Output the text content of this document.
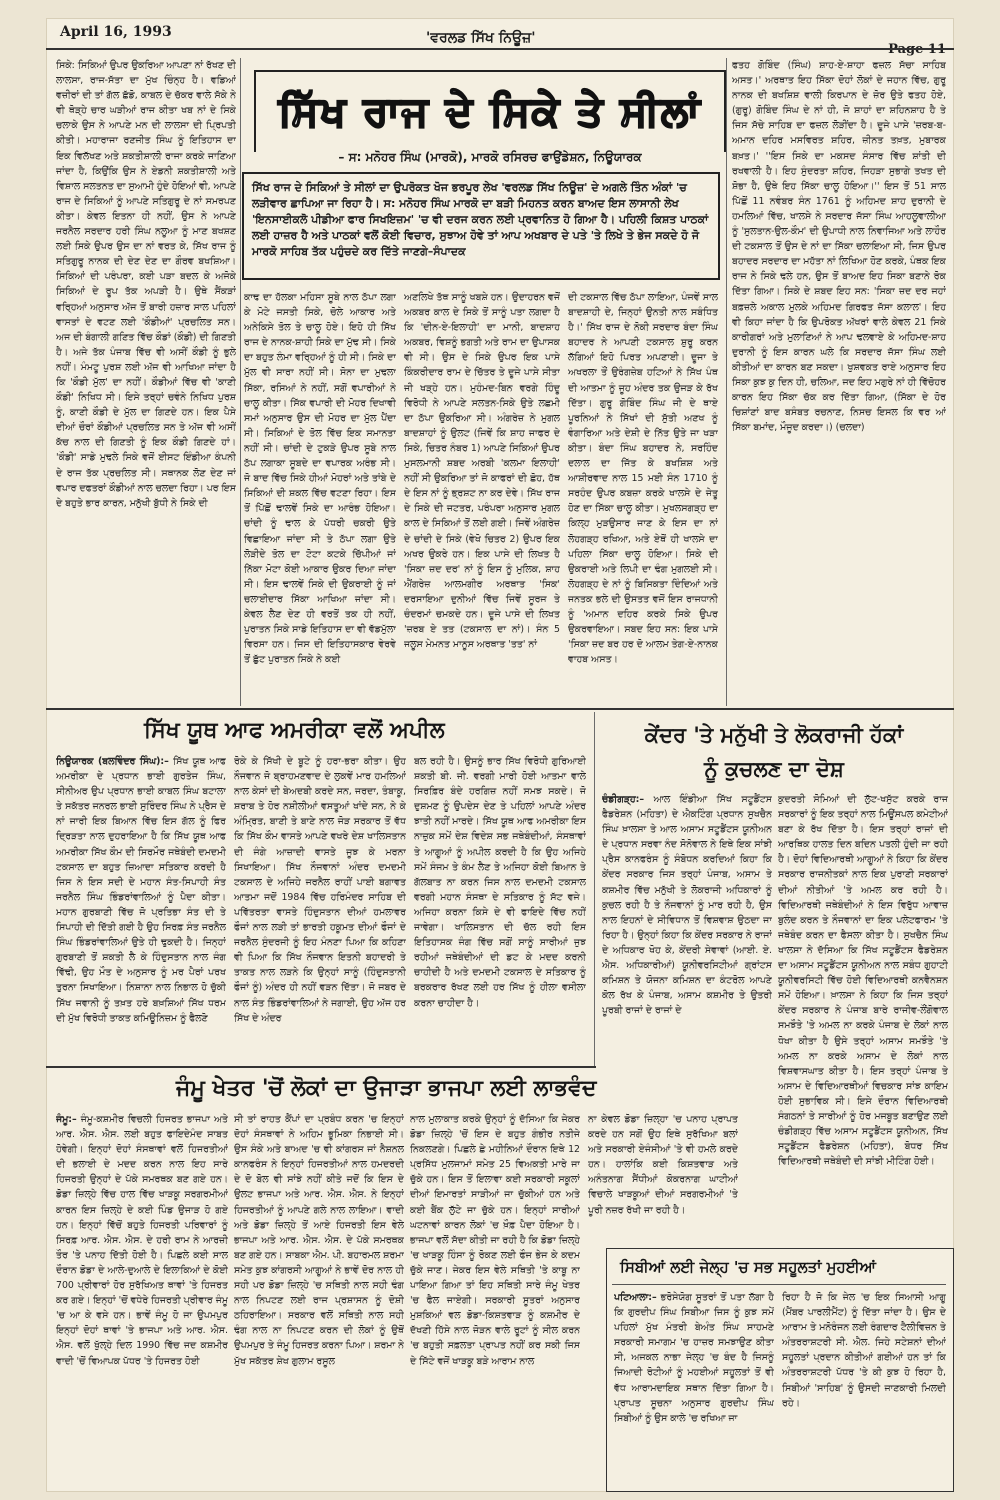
April 16, 1993	'ਵਰਲਡ ਸਿੱਖ ਨਿਊਜ਼'
ਸਿੱਖ ਰਾਜ ਦੇ ਸਿਕੇ ਤੇ ਸੀਲਾਂ
– ਸ: ਮਨੋਹਰ ਸਿੰਘ (ਮਾਰਕੋ), ਮਾਰਕੋ ਰਸਿਰਚ ਫਾਉਂਡੇਸ਼ਨ, ਨਿਊਯਾਰਕ
ਸਿੱਖ ਰਾਜ ਦੇ ਸਿਕਿਆਂ ਤੇ ਸੀਲਾਂ ਦਾ ਉਪਰੋਕਤ ਖੋਜ ਭਰਪੂਰ ਲੇਖ 'ਵਰਲਡ ਸਿੱਖ ਨਿਊਜ਼' ਦੇ ਅਗਲੇ ਤਿੰਨ ਅੰਕਾਂ 'ਚ ਲੜੀਵਾਰ ਛਾਪਿਆ ਜਾ ਰਿਹਾ ਹੈ। ਸ: ਮਨੋਹਰ ਸਿੰਘ ਮਾਰਕੋ ਦਾ ਬੜੀ ਮਿਹਨਤ ਕਰਨ ਬਾਅਦ ਇਸ ਲਾਸਾਨੀ ਲੇਖ 'ਇਨਸਾਈਕਲੋ ਪੀਡੀਆ ਫਾਰ ਸਿਖਇਜ਼ਮ' 'ਚ ਵੀ ਦਰਜ ਕਰਨ ਲਈ ਪ੍ਰਵਾਨਿਤ ਹੋ ਗਿਆ ਹੈ। ਪਹਿਲੀ ਕਿਸ਼ਤ ਪਾਠਕਾਂ ਲਈ ਹਾਜ਼ਰ ਹੈ ਅਤੇ ਪਾਠਕਾਂ ਵਲੋਂ ਕੋਈ ਵਿਚਾਰ, ਸੁਝਾਅ ਹੋਵੇ ਤਾਂ ਆਪ ਅਖਬਾਰ ਦੇ ਪਤੇ 'ਤੇ ਲਿਖੇ ਤੇ ਭੇਜ ਸਕਦੇ ਹੋ ਜੋ ਮਾਰਕੋ ਸਾਹਿਬ ਤੱਕ ਪਹੁੰਚਦੇ ਕਰ ਦਿੱਤੇ ਜਾਣਗੇ–ਸੰਪਾਦਕ
ਸਿਕੇ: ਸਿਕਿਆਂ ਉਪਰ ਉਕਰਿਆ ਆਪਣਾ ਨਾਂ ਰੱਖਣ ਦੀ ਲਾਲਸਾ, ਰਾਜ-ਸੱਤਾ ਦਾ ਮੁੱਖ ਚਿੰਨ੍ਹ ਹੈ। ਵਡਿਆਂ ਵਜ਼ੀਰਾਂ ਦੀ ਤਾਂ ਗੱਲ ਛੱਡੋ, ਕਾਬਲ ਦੇ ਚੱਕਰ ਵਾਲੇ ਸੱਕੇ ਨੇ ਵੀ ਥੋੜ੍ਹੇ ਚਾਰ ਘੜੀਆਂ ਰਾਜ ਕੀਤਾ ਖਬ ਨਾਂ ਦੇ ਸਿਕੇ ਚਲਾਕੇ ਉਸ ਨੇ ਆਪਣੇ ਮਨ ਦੀ ਲਾਲਸਾ ਦੀ ਪ੍ਰਿਪਤੀ ਕੀਤੀ। ਮਹਾਰਾਜਾ ਰਣਜੀਤ ਸਿੰਘ ਨੂੰ ਇਤਿਹਾਸ ਦਾ ਇਕ ਵਿਲੱਖਣ ਅਤੇ ਸ਼ਕਤੀਸ਼ਾਲੀ ਰਾਜਾ ਕਰਕੇ ਜਾਣਿਆ ਜਾਂਦਾ ਹੈ, ਕਿਉਂਕਿ ਉਸ ਨੇ ਏਡਨੀ ਸ਼ਕਤੀਸ਼ਾਲੀ ਅਤੇ ਵਿਸ਼ਾਲ ਸਲਤਨਤ ਦਾ ਸੁਆਮੀ ਹੁੰਦੇ ਹੋਇਆਂ ਵੀ, ਆਪਣੇ ਰਾਜ ਦੇ ਸਿਕਿਆਂ ਨੂੰ ਆਪਣੇ ਸਤਿਗੁਰੂ ਦੇ ਨਾਂ ਸਮਰਪਣ ਕੀਤਾ। ਕੇਵਲ ਇਤਨਾ ਹੀ ਨਹੀਂ, ਉਸ ਨੇ ਆਪਣੇ ਜਰਨੈਲ ਸਰਦਾਰ ਹਰੀ ਸਿੰਘ ਨਲੂਆ ਨੂੰ ਮਾਣ ਬਖਸ਼ਣ ਲਈ ਸਿਕੇ ਉਪਰ ਉਸ ਦਾ ਨਾਂ ਵਰਤ ਕੇ, ਸਿੱਖ ਰਾਜ ਨੂੰ ਸਤਿਗੁਰੂ ਨਾਨਕ ਦੀ ਦੇਣ ਦੇਣ ਦਾ ਗੌਰਵ ਬਖਸ਼ਿਆ। ਸਿਕਿਆਂ ਦੀ ਪਰੰਪਰਾ, ਕਈ ਪੜਾ ਬਦਲ ਕੇ ਅਜੋਕੇ ਸਿਕਿਆਂ ਦੇ ਰੂਪ ਤੱਕ ਅਪੜੀ ਹੈ। ਉਥੇ ਸੈਂਕੜਾਂ ਵਰ੍ਹਿਆਂ ਅਨੁਸਾਰ ਅੱਜ ਤੋਂ ਬਾਰੀ ਹਜ਼ਾਰ ਸਾਲ ਪਹਿਲਾਂ ਵਾਸਤਾਂ ਦੇ ਵਟਣ ਲਈ 'ਕੌਡੀਆਂ' ਪ੍ਰਚਲਿਤ ਸਨ। ਅਜ ਦੀ ਬੰਗਾਲੀ ਗਣਿਤ ਵਿੱਚ ਕੌਡਾਂ (ਕੌਡੀ) ਦੀ ਗਿਣਤੀ ਹੈ। ਅਜੇ ਤੱਕ ਪੰਜਾਬ ਵਿੱਚ ਵੀ ਅਸੀਂ ਕੌਡੀ ਨੂੰ ਭੁਲੇ ਨਹੀਂ। ਮੰਮਟੂ ਪੁਰਸ਼ ਲਈ ਅੱਜ ਵੀ ਆਖਿਆ ਜਾਂਦਾ ਹੈ ਕਿ 'ਕੌਡੀ ਮੁੱਲ' ਦਾ ਨਹੀਂ। ਕੌਡੀਆਂ ਵਿੱਚ ਵੀ 'ਕਾਣੀ ਕੌਡੀ' ਨਿਖਿਧ ਸੀ। ਇਸੇ ਤਰ੍ਹਾਂ ਚਵੰਨੇ ਨਿਖਿਧ ਪੁਰਸ਼ ਨੂੰ, ਕਾਣੀ ਕੌਡੀ ਦੇ ਮੁੱਲ ਦਾ ਗਿਣਦੇ ਹਨ। ਇਕ ਪੈਸੇ ਦੀਆਂ ਚੌਰਾਂ ਕੌਡੀਆਂ ਪ੍ਰਚਲਿਤ ਸਨ ਤੇ ਅੱਜ ਵੀ ਅਸੀਂ ਕੱਚ ਨਾਲ ਦੀ ਗਿਣਤੀ ਨੂੰ ਇਕ ਕੌਡੀ ਗਿਣਦੇ ਹਾਂ। 'ਕੌਡੀ' ਸਾਡੇ ਮੁਢਲੇ ਸਿਕੇ ਵਜੋਂ ਈਸਟ ਇੰਡੀਆ ਕੰਪਨੀ ਦੇ ਰਾਜ ਤੱਕ ਪ੍ਰਚਲਿਤ ਸੀ। ਸਥਾਨਕ ਲੋਣ ਦੇਣ ਜਾਂ ਵਪਾਰ ਦਫਤਰਾਂ ਕੌਡੀਆਂ ਨਾਲ ਚਲਦਾ ਰਿਹਾ। ਪਰ ਇਸ ਦੇ ਬਹੁਤੇ ਭਾਰ ਕਾਰਨ, ਮਨੁੱਖੀ ਬੁੱਧੀ ਨੇ ਸਿਕੇ ਦੀ
ਕਾਢ ਦਾ ਹੱਲਕਾ ਮਹਿਸਾ ਸੂਬੇ ਨਾਲ ਠੱਪਾ ਲਗਾ ਕੇ ਮੋਟੇ ਜਸਤੀ ਸਿਕੇ, ਚੋਲੇ ਆਕਾਰ ਅਤੇ ਅਨੇਕਿਸੇ ਤੋਲ ਤੇ ਚਾਲੂ ਹੋਏ। ਇਹੋ ਹੀ ਸਿੱਖ ਰਾਜ ਦੇ ਨਾਨਕ-ਸ਼ਾਹੀ ਸਿਕੇ ਦਾ ਮੁੱਢ ਸੀ। ਸਿਕੇ ਦਾ ਬਹੁਤ ਲੰਮਾ ਵਰ੍ਹਿਆਂ ਨੂੰ ਹੀ ਸੀ। ਸਿਕੇ ਦਾ ਮੁੱਲ ਵੀ ਸਾਰਾ ਨਹੀਂ ਸੀ। ਸੋਨਾ ਦਾ ਮੁਢਲਾ ਸਿੱਕਾ, ਰਸਿਆਂ ਨੇ ਨਹੀਂ, ਸਗੋਂ ਵਪਾਰੀਆਂ ਨੇ ਚਾਲੂ ਕੀਤਾ। ਸਿੱਕ ਵਪਾਰੀ ਦੀ ਮੋਹਰ ਦਿਖਾਵੀ ਸਮਾਂ ਅਨੁਸਾਰ ਉਸ ਦੀ ਮੋਹਰ ਦਾ ਮੁੱਲ ਪੈਂਦਾ ਸੀ। ਸਿਕਿਆਂ ਦੇ ਤੋਲ ਵਿੱਚ ਇਕ ਸਮਾਨਤਾ ਨਹੀਂ ਸੀ। ਚਾਂਦੀ ਦੇ ਟੁਕੜੇ ਉਪਰ ਸੂਬੇ ਨਾਲ ਠੱਪ ਲਗਾਕਾ ਸੂਬਦੇ ਦਾ ਵਪਾਰਕ ਅਰੰਭ ਸੀ। ਜੋ ਬਾਦ ਵਿੱਚ ਸਿਕੇ ਹੀਆਂ ਮੋਹਰਾਂ ਅਤੇ ਤਾਂਬੇ ਦੇ ਸਿਕਿਆਂ ਦੀ ਸ਼ਕਲ ਵਿੱਚ ਵਟਣਾ ਰਿਹਾ। ਇਸ ਤੋਂ ਪਿੱਛੋਂ ਢਾਲਵੇਂ ਸਿਕੇ ਦਾ ਆਰੰਭ ਹੋਇਆ। ਚਾਂਦੀ ਨੂੰ ਢਾਲ ਕੇ ਪੱਧਰੀ ਚਕਰੀ ਉਤੇ ਵਿਛਾਇਆ ਜਾਂਦਾ ਸੀ ਤੇ ਠੱਪਾ ਲਗਾ ਉਤੇ ਲੋੜੀਦੇ ਤੋਲ ਦਾ ਟੋਟਾ ਕਟਕੇ ਚਿੱਪੀਆਂ ਜਾਂ ਨਿੱਕਾ ਮੋਟਾ ਕੋਈ ਆਕਾਰ ਉਕਰ ਦਿਆ ਜਾਂਦਾ ਸੀ। ਇਸ ਢਾਲਵੇਂ ਸਿਕੇ ਦੀ ਉਕਰਾਈ ਨੂੰ ਜਾਂ ਚਲਾਈਦਾਰ ਸਿੱਕਾ ਆਖਿਆ ਜਾਂਦਾ ਸੀ। ਕੇਵਲ ਲੈਣ ਦੇਣ ਹੀ ਵਰਤੋਂ ਤਕ ਹੀ ਨਹੀਂ, ਪੁਰਾਤਨ ਸਿਕੇ ਸਾਡੇ ਇਤਿਹਾਸ ਦਾ ਵੀ ਵੱਡਮੁੱਲਾ ਵਿਰਸਾ ਹਨ। ਜਿਸ ਦੀ ਇਤਿਹਾਸਕਾਰ ਵੇਰਵੇ ਤੋਂ ਛੁੱਟ ਪੁਰਾਤਨ ਸਿਕੇ ਨੇ ਕਈ
ਅਣਲਿਖੇ ਤੱਥ ਸਾਨੂੰ ਖਬਸ਼ੇ ਹਨ। ਉਦਾਹਰਨ ਵਜੋਂ ਅਕਬਰ ਕਾਲ ਦੇ ਸਿਕੇ ਤੋਂ ਸਾਨੂੰ ਪਤਾ ਲਗਦਾ ਹੈ ਕਿ 'ਦੀਨ-ਏ-ਇਲਾਹੀ' ਦਾ ਮਾਨੀ, ਬਾਦਸ਼ਾਹ ਅਕਬਰ, ਵਿਸ਼ਨੂੰ ਭਗਤੀ ਅਤੇ ਰਾਮ ਦਾ ਉਪਾਸਕ ਵੀ ਸੀ। ਉਸ ਦੇ ਸਿਕੇ ਉਪਰ ਇਕ ਪਾਸੇ ਕਿੰਕਰੀਦਾਰ ਰਾਮ ਦੇ ਚਿੱਤਰ ਤੇ ਦੂਜੇ ਪਾਸੇ ਸੀਤਾ ਜੀ ਖੜ੍ਹੇ ਹਨ। ਮੁਹੰਮਦ-ਬਿਨ ਵਰਗੇ ਹਿੰਦੂ ਵਿਰੋਧੀ ਨੇ ਆਪਣੇ ਸਲਤਨ-ਸਿਕੇ ਉਤੇ ਲਛਮੀ ਦਾ ਠੱਪਾ ਉਕਰਿਆ ਸੀ। ਅੰਗਰੇਜ਼ ਨੇ ਮੁਗਲ ਬਾਦਸ਼ਾਹਾਂ ਨੂੰ ਉਲਟ (ਜਿਵੇਂ ਕਿ ਸ਼ਾਹ ਜਾਫਰ ਦੇ ਸਿਕੇ, ਚਿਤਰ ਨੰਬਰ 1) ਆਪਣੇ ਸਿਕਿਆਂ ਉਪਰ ਮੁਸਲਮਾਨੀ ਸ਼ਬਦ ਅਰਬੀ 'ਕਲਮਾ ਇਲਾਹੀ' ਨਹੀਂ ਸੀ ਉਕਰਿਆ ਤਾਂ ਜੋ ਕਾਫਰਾਂ ਦੀ ਛੋਹ, ਹੱਥ ਦੇ ਇਸ ਨਾਂ ਨੂੰ ਭ੍ਰਸ਼ਟ ਨਾ ਕਰ ਦੇਵੇ। ਸਿੱਖ ਰਾਜ ਦੇ ਸਿਕੇ ਦੀ ਜਟਤਰ, ਪਰੰਪਰਾ ਅਨੁਸਾਰ ਮੁਗਲ ਕਾਲ ਦੇ ਸਿਕਿਆਂ ਤੋਂ ਲਈ ਗਈ। ਜਿਵੇਂ ਅੰਗਰੇਜ਼ ਦੇ ਚਾਂਦੀ ਦੇ ਸਿਕੇ (ਵੇਖੋ ਚਿਤਰ 2) ਉਪਰ ਇਕ ਅਖਰ ਉਕਰੇ ਹਨ। ਇਕ ਪਾਸੇ ਦੀ ਲਿਖਤ ਹੈ 'ਸਿਕਾ ਜ਼ਦ ਦਰ' ਨਾਂ ਨੂੰ ਇਸ ਨੂੰ ਮੁਲਿਕ, ਸ਼ਾਹ ਐਂਗਰੇਜ਼ ਆਲਮਗੀਰ ਅਰਥਾਤ 'ਸਿਕ' ਦਰਸਾਇਆ ਦੁਨੀਆਂ ਵਿੱਚ ਜਿਵੇਂ ਸੂਰਜ ਤੇ ਚੰਦਰਮਾਂ ਚਮਕਦੇ ਹਨ। ਦੂਜੇ ਪਾਸੇ ਦੀ ਲਿਖਤ 'ਜ਼ਰਬ ਏ ਤਤ (ਟਕਸਾਲ ਦਾ ਨਾਂ)। ਸੰਨ 5 ਜਲੂਸ ਮੇਮਨਤ ਮਾਨੂਸ ਅਰਥਾਤ 'ਤਤ' ਨਾਂ
ਦੀ ਟਕਸਾਲ ਵਿੱਚ ਠੱਪਾ ਲਾਇਆ, ਪੰਜਵੇਂ ਸਾਲ ਬਾਦਸ਼ਾਹੀ ਦੇ, ਜਿਨ੍ਹਾਂ ਉਨਤੀ ਨਾਲ ਸਬੰਧਿਤ ਹੈ।' ਸਿੱਖ ਰਾਜ ਦੇ ਨੋਕੀ ਸਰਦਾਰ ਬੰਦਾ ਸਿੰਘ ਬਹਾਦਰ ਨੇ ਆਪਣੀ ਟਕਸਾਲ ਸ਼ੁਰੂ ਕਰਨ ਲੱਗਿਆਂ ਇਹੋ ਪਿਰਤ ਅਪਣਾਈ। ਦੂਜਾ ਤੇ ਅਖਰਲਾ ਤੌਂ ਉਰੰਗਜ਼ੇਬ ਹਟਿਆਂ ਨੇ ਸਿੱਖ ਪੰਥ ਦੀ ਆਤਮਾ ਨੂੰ ਜੂਹ ਅੰਦਰ ਤਕ ਉਜੜ ਕੇ ਰੱਖ ਦਿੱਤਾ। ਗੁਰੂ ਗੋਬਿੰਦ ਸਿੰਘ ਜੀ ਦੇ ਥਾਏ ਪੂਰਨਿਆਂ ਨੇ ਸਿੱਖਾਂ ਦੀ ਸੁੱਤੀ ਅਣਖ ਨੂੰ ਵੰਗਾਰਿਆ ਅਤੇ ਦੇਸ਼ੀ ਦੇ ਨਿੱਤ ਉਤੇ ਜਾ ਖੜਾ ਕੀਤਾ। ਬੰਦਾ ਸਿੰਘ ਬਹਾਦਰ ਨੇ, ਸਰਹਿੰਦ ਦਲਾਲ ਦਾ ਜਿੱਤ ਕੇ ਬਖਸ਼ਿਸ਼ ਅਤੇ ਆਸ਼ੀਰਵਾਦ ਨਾਲ 15 ਮਈ ਸੰਨ 1710 ਨੂੰ ਸਰਹੰਦ ਉਪਰ ਕਬਜ਼ਾ ਕਰਕੇ ਖਾਲਸੇ ਦੇ ਜੇਤੂ ਹੋਣ ਦਾ ਸਿੱਕਾ ਚਾਲੂ ਕੀਤਾ। ਮੁਖਲਸਗੜ੍ਹ ਦਾ ਕਿਲ੍ਹ ਮੁੜਉਸਾਰ ਜਾਣ ਕੇ ਇਸ ਦਾ ਨਾਂ ਲੋਹਗੜ੍ਹ ਰਖਿਆ, ਅਤੇ ਏਥੋਂ ਹੀ ਖਾਲਸੇ ਦਾ ਪਹਿਲਾ ਸਿੱਕਾ ਚਾਲੂ ਹੋਇਆ। ਸਿਕੇ ਦੀ ਉਕਰਾਈ ਅਤੇ ਲਿਪੀ ਦਾ ਢੰਗ ਮੁਗਲਈ ਸੀ। ਲੋਹਗੜ੍ਹ ਦੇ ਨਾਂ ਨੂੰ ਬਿਸਿਕਤਾ ਦਿੰਦਿਆਂ ਅਤੇ ਜਨਤਕ ਭਲੇ ਦੀ ਉਸਤਤ ਵਜੋਂ ਇਸ ਰਾਜਧਾਨੀ ਨੂੰ 'ਅਮਾਨ ਦਹਿਰ ਕਰਕੇ ਸਿਕੇ ਉਪਰ ਉਕਰਵਾਇਆ। ਸਬਦ ਇਹ ਸਨ: ਇਕ ਪਾਸੇ 'ਸਿਕਾ ਜ਼ਦ ਬਰ ਹਰ ਦੋ ਆਲਮ ਤੇਗ-ਏ-ਨਾਨਕ ਵਾਹਬ ਅਸਤ।
ਫਤਹ ਗੋਬਿੰਦ (ਸਿੰਘ) ਸ਼ਾਹ-ਏ-ਸ਼ਾਹਾ ਫਜ਼ਲ ਸੱਚਾ ਸਾਹਿਬ ਅਸਤ।' ਅਰਥਾਤ ਇਹ ਸਿੱਕਾ ਦੋਹਾਂ ਲੋਕਾਂ ਦੇ ਜਹਾਨ ਵਿੱਚ, ਗੁਰੂ ਨਾਨਕ ਦੀ ਬਖਸ਼ਿਸ਼ ਵਾਲੀ ਕਿਰਪਾਨ ਦੇ ਜ਼ੋਰ ਉਤੇ ਫਤਹ ਹੋਏ, (ਗੁਰੂ) ਗੋਬਿੰਦ ਸਿੰਘ ਦੇ ਨਾਂ ਹੀ, ਜੋ ਸ਼ਾਹਾਂ ਦਾ ਸ਼ਹਿਨਸ਼ਾਹ ਹੈ ਤੇ ਜਿਸ ਸੱਚੇ ਸਾਹਿਬ ਦਾ ਫਜ਼ਲ ਲੋੜੀਂਦਾ ਹੈ। ਦੂਜੇ ਪਾਸੇ 'ਜ਼ਰਬ-ਬ-ਅਮਾਨ ਦਹਿਰ ਮਸਵਿਰਤ ਸ਼ਹਿਰ, ਜ਼ੀਨਤ ਤਖ਼ਤ, ਮੁਬਾਰਕ ਬਖ਼ਤ।' ''ਇਸ ਸਿਕੇ ਦਾ ਮਕਸਦ ਸੰਸਾਰ ਵਿੱਚ ਸ਼ਾਂਤੀ ਦੀ ਰਖਵਾਲੀ ਹੈ। ਇਹ ਸੁੰਦਰਤਾ ਸ਼ਹਿਰ, ਜਿਹੜਾ ਸੁਭਾਗੇ ਤਖਤ ਦੀ ਸ਼ੋਭਾ ਹੈ, ਉਥੇ ਇਹ ਸਿੱਕਾ ਚਾਲੂ ਹੋਇਆ।'' ਇਸ ਤੋਂ 51 ਸਾਲ ਪਿੱਛੋਂ 11 ਨਵੰਬਰ ਸੰਨ 1761 ਨੂੰ ਅਹਿਮਦ ਸ਼ਾਹ ਦੁਰਾਨੀ ਦੇ ਹਮਲਿਆਂ ਵਿੱਚ, ਖਾਲਸੇ ਨੇ ਸਰਦਾਰ ਜੱਸਾ ਸਿੰਘ ਆਹਲੂਵਾਲੀਆ ਨੂੰ 'ਸੁਲਤਾਨ-ਉਲ-ਕੌਮ' ਦੀ ਉਪਾਧੀ ਨਾਲ ਨਿਵਾਜਿਆ ਅਤੇ ਲਾਹੌਰ ਦੀ ਟਕਸਾਲ ਤੋਂ ਉਸ ਦੇ ਨਾਂ ਦਾ ਸਿੱਕਾ ਚਲਾਇਆ ਸੀ, ਜਿਸ ਉਪਰ ਬਹਾਦਰ ਸਰਦਾਰ ਦਾ ਮਹੱਤਾ ਨਾਂ ਲਿਖਿਆ ਹੋਣ ਕਰਕੇ, ਪੰਥਕ ਇਕ ਰਾਜ ਨੇ ਸਿਕੇ ਢਲੇ ਹਨ, ਉਸ ਤੋਂ ਬਾਅਦ ਇਹ ਸਿਕਾ ਬਣਾਨੇ ਰੋਕ ਦਿੱਤਾ ਗਿਆ। ਸਿਕੇ ਦੇ ਸ਼ਬਦ ਇਹ ਸਨ: 'ਸਿਕਾ ਜ਼ਦ ਦਰ ਜਹਾਂ ਬਫ਼ਜ਼ਲੇ ਅਕਾਲ ਮੁਲਕੇ ਅਹਿਮਦ ਗਿਰਫਤ ਜੱਸਾ ਕਲਾਲ'। ਇਹ ਵੀ ਕਿਹਾ ਜਾਂਦਾ ਹੈ ਕਿ ਉਪਰੋਕਤ ਅੱਖਰਾਂ ਵਾਲੇ ਕੇਵਲ 21 ਸਿਕੇ ਕਾਰੀਗਰਾਂ ਅਤੇ ਮੁਲਾਣਿਆਂ ਨੇ ਆਪ ਢਲਵਾਏ ਕੇ ਅਹਿਮਦ-ਸ਼ਾਹ ਦੁਰਾਨੀ ਨੂੰ ਇਸ ਕਾਰਨ ਘਲੇ ਕਿ ਸਰਦਾਰ ਜੱਸਾ ਸਿੰਘ ਲਈ ਕੀਤੀਆਂ ਦਾ ਕਾਰਨ ਬਣ ਸਕਦਾ। ਖੁਸ਼ਵਕਤ ਰਾਏ ਅਨੁਸਾਰ ਇਹ ਸਿਕਾ ਕੁਝ ਕੁ ਦਿਨ ਹੀ, ਚਲਿਆ, ਜਦ ਇਹ ਮਗੁਰੇ ਨਾਂ ਹੀ ਵਿੱਚੋਹਰ ਕਾਰਨ ਇਹ ਸਿੱਕਾ ਚੱਕ ਕਰ ਦਿੱਤਾ ਗਿਆ, (ਸਿੱਕਾ ਦੇ ਹੋਰ ਚਿਸ਼ਾਂਣਾਂ ਬਾਦ ਬਸੰਬਤ ਰਚਨਾਣ, ਨਿਸਚ ਇਸਲ ਕਿ ਵਰ ਆਂ ਸਿੱਕਾ ਬਮਾਂਦ, ਮੌਜੂਦ ਕਰਦਾ।) (ਚਲਦਾ)
ਸਿੱਖ ਯੂਥ ਆਫ ਅਮਰੀਕਾ ਵਲੋਂ ਅਪੀਲ
ਨਿਊਯਾਰਕ (ਬਲਵਿੰਦਰ ਸਿੰਘ):– ਸਿੱਖ ਯੂਥ ਆਫ ਅਮਰੀਕਾ ਦੇ ਪ੍ਰਧਾਨ ਭਾਈ ਗੁਰਤੇਜ ਸਿੰਘ, ਸੀਨੀਅਰ ਉਪ ਪ੍ਰਧਾਨ ਭਾਈ ਕਾਬਲ ਸਿੰਘ ਬਟਾਲਾ ਤੇ ਸਕੱਤਰ ਜਨਰਲ ਭਾਈ ਸੁਰਿੰਦਰ ਸਿੰਘ ਨੇ ਪ੍ਰੈਸ ਦੇ ਨਾਂ ਜਾਰੀ ਇਕ ਬਿਆਨ ਵਿੱਚ ਇਸ ਗੱਲ ਨੂੰ ਫਿਰ ਦ੍ਰਿੜਤਾ ਨਾਲ ਦੁਹਰਾਇਆ ਹੈ ਕਿ ਸਿੱਖ ਯੂਥ ਆਫ ਅਮਰੀਕਾ ਸਿੱਖ ਕੌਮ ਦੀ ਸਿਰਮੌਰ ਜਥੇਬੰਦੀ ਦਮਦਮੀ ਟਕਸਾਲ ਦਾ ਬਹੁਤ ਜ਼ਿਆਦਾ ਸਤਿਕਾਰ ਕਰਦੀ ਹੈ ਜਿਸ ਨੇ ਇਸ ਸਦੀ ਦੇ ਮਹਾਨ ਸੰਤ-ਸਿਪਾਹੀ ਸੰਤ ਜਰਨੈਲ ਸਿੰਘ ਭਿੰਡਰਾਂਵਾਲਿਆਂ ਨੂੰ ਪੈਦਾ ਕੀਤਾ। ਮਹਾਨ ਗੁਰਬਾਣੀ ਵਿੱਚ ਜੋ ਪ੍ਰਤਿਭਾ ਸੰਤ ਦੀ ਤੇ ਸਿਪਾਹੀ ਦੀ ਦਿੱਤੀ ਗਈ ਹੈ ਉਹ ਸਿਰਫ਼ ਸੰਤ ਜਰਨੈਲ ਸਿੰਘ ਭਿੰਡਰਾਂਵਾਲਿਆਂ ਉਤੇ ਹੀ ਢੁਕਦੀ ਹੈ। ਜਿਨ੍ਹਾਂ ਗੁਰਬਾਣੀ ਤੋਂ ਸ਼ਕਤੀ ਲੈ ਕੇ ਹਿੰਦੁਸਤਾਨ ਨਾਲ ਜੰਗ ਵਿੱਢੀ, ਉਹ ਮੌਤ ਦੇ ਅਨੁਸਾਰ ਨੂੰ ਮਰ ਪੈਰਾਂ ਪਰਖ ਤੁਰਨਾ ਸਿਖਾਇਆ। ਨਿਸ਼ਾਨਾ ਨਾਲ ਨਿਭਾਲ ਹੋ ਚੁੱਕੀ ਸਿੱਖ ਜਵਾਨੀ ਨੂੰ ਤਖ਼ਤ ਹਰੇ ਬਖ਼ਸ਼ਿਆਂ ਸਿੱਖ ਧਰਮ ਦੀ ਮੁੱਖ ਵਿਰੋਧੀ ਤਾਕਤ ਕਮਿਊਨਿਜ਼ਮ ਨੂੰ ਫੈਲਣੋ
ਰੋਕੇ ਕੇ ਸਿੱਖੀ ਦੇ ਬੂਟੇ ਨੂੰ ਹਰਾ-ਭਰਾ ਕੀਤਾ। ਉਹ ਨੌਜਵਾਨ ਜੋ ਬ੍ਰਾਹਮਣਵਾਦ ਦੇ ਲੁਕਵੇਂ ਮਾਰ ਹਮਲਿਆਂ ਨਾਲ ਕੇਸਾਂ ਦੀ ਬੇਅਦਬੀ ਕਰਦੇ ਸਨ, ਜਰਦਾ, ਤੰਬਾਕੂ, ਸ਼ਰਾਬ ਤੇ ਹੋਰ ਨਸ਼ੀਲੀਆਂ ਵਸਤੂਆਂ ਖਾਂਦੇ ਸਨ, ਨੇ ਕੇ ਅੰਮ੍ਰਿਤ, ਬਾਣੀ ਤੇ ਬਾਣੇ ਨਾਲ ਜੋੜ ਸਰਕਾਰ ਤੋਂ ਵੱਧ ਕਿ ਸਿੱਖ ਕੌਮ ਵਾਸਤੇ ਆਪਣੇ ਵਖਰੇ ਦੇਸ਼ ਖਾਲਿਸਤਾਨ ਦੀ ਜੰਗੇ ਆਜ਼ਾਦੀ ਵਾਸਤੇ ਜੂਝ ਕੇ ਮਰਨਾ ਸਿਖਾਇਆ। ਸਿੱਖ ਨੌਜਵਾਨਾਂ ਅੰਦਰ ਦਮਦਮੀ ਟਕਸਾਲ ਦੇ ਅਜਿਹੇ ਜਰਨੈਲ ਰਾਹੀਂ ਪਾਈ ਬਗਾਵਤ ਆਤਮਾ ਜਦੋਂ 1984 ਵਿੱਚ ਹਰਿਮੰਦਰ ਸਾਹਿਬ ਦੀ ਪਵਿੱਤਰਤਾ ਵਾਸਤੇ ਹਿੰਦੁਸਤਾਨ ਦੀਆਂ ਹਮਲਾਵਰ ਫੌਜਾਂ ਨਾਲ ਲੜੀ ਤਾਂ ਭਾਰਤੀ ਹਕੂਮਤ ਦੀਆਂ ਫੌਜਾਂ ਦੇ ਜਰਨੈਲ ਸੁੰਦਰਜੀ ਨੂੰ ਇਹ ਮੰਨਣਾ ਪਿਆ ਕਿ ਕਹਿਣਾ ਵੀ ਪਿਆ ਕਿ ਸਿੱਖ ਨੌਜਵਾਨ ਇਤਨੀ ਬਹਾਦਰੀ ਤੇ ਤਾਕਤ ਨਾਲ ਲੜਨੇ ਕਿ ਉਨ੍ਹਾਂ ਸਾਨੂੰ (ਹਿੰਦੁਸਤਾਨੀ ਫੌਜਾਂ ਨੂੰ) ਅੰਦਰ ਹੀ ਨਹੀਂ ਵੜਨ ਦਿੱਤਾ। ਜੋ ਜਬਰ ਦੇ ਨਾਲ ਸੰਤ ਭਿੰਡਰਾਂਵਾਲਿਆਂ ਨੇ ਜਗਾਈ, ਉਹ ਅੱਜ ਹਰ ਸਿੱਖ ਦੇ ਅੰਦਰ
ਬਲ ਰਹੀ ਹੈ। ਉਸਨੂੰ ਭਾਰ ਸਿੱਖ ਵਿਰੋਧੀ ਗੁਰਿਆਈ ਸ਼ਕਤੀ ਬੀ. ਜੀ. ਵਰਗੀ ਮਾਰੀ ਹੋਈ ਆਤਮਾ ਵਾਲੇ ਸਿਰਫ਼ਿਰ ਬੰਦੇ ਹਰਗਿਜ਼ ਨਹੀਂ ਸਮਝ ਸਕਦੇ। ਜੋ ਦੁਸ਼ਮਣ ਨੂੰ ਉਪਦੇਸ ਦੇਣ ਤੇ ਪਹਿਲਾਂ ਆਪਣੇ ਅੰਦਰ ਝਾਤੀ ਨਹੀਂ ਮਾਰਦੇ। ਸਿੱਖ ਯੂਥ ਆਫ ਅਮਰੀਕਾ ਇਸ ਨਾਜ਼ੁਕ ਸਮੇਂ ਦੇਸ਼ ਵਿਦੇਸ਼ ਸਭ ਜਥੇਬੰਦੀਆਂ, ਸੰਸਥਾਵਾਂ ਤੇ ਆਗੂਆਂ ਨੂੰ ਅਪੀਲ ਕਰਦੀ ਹੈ ਕਿ ਉਹ ਅਜਿਹੇ ਸਮੇਂ ਸੰਜਮ ਤੇ ਕੰਮ ਲੈਣ ਤੇ ਅਜਿਹਾ ਕੋਈ ਬਿਆਨ ਤੇ ਗੱਲਬਾਤ ਨਾ ਕਰਨ ਜਿਸ ਨਾਲ ਦਮਦਮੀ ਟਕਸਾਲ ਵਰਗੀ ਮਹਾਨ ਸੰਸਥਾ ਦੇ ਸਤਿਕਾਰ ਨੂੰ ਸੱਟ ਵਜੇ। ਅਜਿਹਾ ਕਰਨਾ ਕਿਸੇ ਦੇ ਵੀ ਫਾਇਦੇ ਵਿੱਚ ਨਹੀਂ ਜਾਵੇਗਾ। ਖਾਲਿਸਤਾਨ ਦੀ ਚੱਲ ਰਹੀ ਇਸ ਇਤਿਹਾਸਕ ਜੰਗ ਵਿੱਚ ਸਗੋਂ ਸਾਨੂੰ ਸਾਰੀਆਂ ਜੁਝ ਰਹੀਆਂ ਜਥੇਬੰਦੀਆਂ ਦੀ ਡਟ ਕੇ ਮਦਦ ਕਰਨੀ ਚਾਹੀਦੀ ਹੈ ਅਤੇ ਦਮਦਮੀ ਟਕਸਾਲ ਦੇ ਸਤਿਕਾਰ ਨੂੰ ਬਰਕਰਾਰ ਰੱਖਣ ਲਈ ਹਰ ਸਿੱਖ ਨੂੰ ਹੀਲਾ ਵਸੀਲਾ ਕਰਨਾ ਚਾਹੀਦਾ ਹੈ।
ਕੇਂਦਰ 'ਤੇ ਮਨੁੱਖੀ ਤੇ ਲੋਕਰਾਜੀ ਹੱਕਾਂ
ਨੂੰ ਕੁਚਲਣ ਦਾ ਦੋਸ਼
ਚੰਡੀਗੜ੍ਹ:– ਆਲ ਇੰਡੀਆ ਸਿੱਖ ਸਟੂਡੈਂਟਸ ਫੈਡਰੇਸ਼ਨ (ਮਹਿਤਾ) ਦੇ ਐਕਟਿੰਗ ਪ੍ਰਧਾਨ ਸੁਖਚੈਨ ਸਿੰਘ ਖ਼ਾਲਸਾ ਤੇ ਆਲ ਅਸਾਮ ਸਟੂਡੈਂਟਸ ਯੂਨੀਅਨ ਦੇ ਪ੍ਰਧਾਨ ਸਰਵਾ ਨੰਦ ਸੋਨੋਵਾਲ ਨੇ ਇਥੇ ਇਕ ਸਾਂਝੀ ਪ੍ਰੈਸ ਕਾਨਫਰੰਸ ਨੂੰ ਸੰਬੋਧਨ ਕਰਦਿਆਂ ਕਿਹਾ ਕਿ ਕੇਂਦਰ ਸਰਕਾਰ ਜਿਸ ਤਰ੍ਹਾਂ ਪੰਜਾਬ, ਅਸਾਮ ਤੇ ਕਸ਼ਮੀਰ ਵਿੱਚ ਮਨੁੱਖੀ ਤੇ ਲੋਕਰਾਜੀ ਅਧਿਕਾਰਾਂ ਨੂੰ ਕੁਚਲ ਰਹੀ ਹੈ ਤੇ ਨੌਜਵਾਨਾਂ ਨੂੰ ਮਾਰ ਰਹੀ ਹੈ, ਉਸ ਨਾਲ ਇਹਨਾਂ ਦੇ ਸੀਵਿਧਾਨ ਤੋਂ ਵਿਸ਼ਵਾਸ਼ ਉਠਦਾ ਜਾ ਰਿਹਾ ਹੈ। ਉਨ੍ਹਾਂ ਕਿਹਾ ਕਿ ਕੇਂਦਰ ਸਰਕਾਰ ਨੇ ਰਾਜਾਂ ਦੇ ਅਧਿਕਾਰ ਖੋਹ ਕੇ, ਕੇਂਦਰੀ ਸੇਵਾਵਾਂ (ਆਈ. ਏ. ਐਸ. ਅਧਿਕਾਰੀਆਂ) ਯੂਨੀਵਰਸਿਟੀਆਂ ਗ੍ਰਾਂਟਸ ਕਮਿਸ਼ਨ ਤੇ ਯੋਜਨਾ ਕਮਿਸ਼ਨ ਦਾ ਕੰਟਰੋਲ ਆਪਣੇ ਕੋਲ ਰੱਖ ਕੇ ਪੰਜਾਬ, ਅਸਾਮ ਕਸ਼ਮੀਰ ਤੇ ਉਤਰੀ ਪੂਰਬੀ ਰਾਜਾਂ ਦੇ ਰਾਜਾਂ ਦੇ
ਕੁਦਰਤੀ ਸੋਮਿਆਂ ਦੀ ਲੁੱਟ-ਖਸੁੱਟ ਕਰਕੇ ਰਾਜ ਸਰਕਾਰਾਂ ਨੂੰ ਇਕ ਤਰ੍ਹਾਂ ਨਾਲ ਮਿਊਂਸਪਲ ਕਮੇਟੀਆਂ ਬਣਾ ਕੇ ਰੱਖ ਦਿੱਤਾ ਹੈ। ਇਸ ਤਰ੍ਹਾਂ ਰਾਜਾਂ ਦੀ ਆਰਥਿਕ ਹਾਲਤ ਦਿਨ ਬਦਿਨ ਪਤਲੀ ਹੁੰਦੀ ਜਾ ਰਹੀ ਹੈ। ਦੋਹਾਂ ਵਿਦਿਆਰਥੀ ਆਗੂਆਂ ਨੇ ਕਿਹਾ ਕਿ ਕੇਂਦਰ ਸਰਕਾਰ ਰਾਜਨੀਤਕਾਂ ਨਾਲ ਇਕ ਪੁਰਾਣੀ ਸਰਕਾਰਾਂ ਦੀਆਂ ਨੀਤੀਆਂ 'ਤੇ ਅਮਲ ਕਰ ਰਹੀ ਹੈ। ਵਿਦਿਆਰਥੀ ਜਥੇਬੰਦੀਆਂ ਨੇ ਇਸ ਵਿਰੁੱਧ ਆਵਾਜ਼ ਬੁਲੰਦ ਕਰਨ ਤੇ ਨੌਜਵਾਨਾਂ ਦਾ ਇਕ ਪਲੇਟਫਾਰਮ 'ਤੇ ਜਥੇਬੰਦ ਕਰਨ ਦਾ ਫੈਸਲਾ ਕੀਤਾ ਹੈ। ਸੁਖਚੈਨ ਸਿੰਘ ਖਾਲਸਾ ਨੇ ਦੱਸਿਆ ਕਿ ਸਿੱਖ ਸਟੂਡੈਂਟਸ ਫੈਡਰੇਸ਼ਨ ਦਾ ਅਸਾਮ ਸਟੂਡੈਂਟਸ ਯੂਨੀਅਨ ਨਾਲ ਸਬੰਧ ਗੁਹਾਟੀ ਯੂਨੀਵਰਸਿਟੀ ਵਿੱਚ ਹੋਈ ਵਿਦਿਆਰਥੀ ਕਨਵੈਨਸ਼ਨ ਸਮੇਂ ਹੋਇਆ। ਖ਼ਾਲਸਾ ਨੇ ਕਿਹਾ ਕਿ ਜਿਸ ਤਰ੍ਹਾਂ ਕੇਂਦਰ ਸਰਕਾਰ ਨੇ ਪੰਜਾਬ ਬਾਰੇ ਰਾਜੀਵ-ਲੌਂਗੋਵਾਲ ਸਮਝੌਤੇ 'ਤੇ ਅਮਲ ਨਾ ਕਰਕੇ ਪੰਜਾਬ ਦੇ ਲੋਕਾਂ ਨਾਲ ਧੋਖਾ ਕੀਤਾ ਹੈ ਉਸੇ ਤਰ੍ਹਾਂ ਅਸਾਮ ਸਮਝੌਤੇ 'ਤੇ ਅਮਲ ਨਾ ਕਰਕੇ ਅਸਾਮ ਦੇ ਲੋਕਾਂ ਨਾਲ ਵਿਸ਼ਵਾਸਘਾਤ ਕੀਤਾ ਹੈ। ਇਸ ਤਰ੍ਹਾਂ ਪੰਜਾਬ ਤੇ ਅਸਾਮ ਦੇ ਵਿਦਿਆਰਥੀਆਂ ਵਿਚਕਾਰ ਸਾਂਝ ਕਾਇਮ ਹੋਈ ਸੁਭਾਵਿਕ ਸੀ। ਇਸੇ ਦੌਰਾਨ ਵਿਦਿਆਰਥੀ ਸੰਗਠਨਾਂ ਤੇ ਸਾਰੀਆਂ ਨੂੰ ਹੋਰ ਮਜਬੂਤ ਬਣਾਉਣ ਲਈ ਚੰਡੀਗੜ੍ਹ ਵਿੱਚ ਅਸਾਮ ਸਟੂਡੈਂਟਸ ਯੂਨੀਅਨ, ਸਿੱਖ ਸਟੂਡੈਂਟਸ ਫੈਡਰੇਸ਼ਨ (ਮਹਿਤਾ), ਬੋਧਰ ਸਿੱਖ ਵਿਦਿਆਰਥੀ ਜਥੇਬੰਦੀ ਦੀ ਸਾਂਝੀ ਮੀਟਿੰਗ ਹੋਈ।
ਜੰਮੂ ਖੇਤਰ 'ਚੋਂ ਲੋਕਾਂ ਦਾ ਉਜਾੜਾ ਭਾਜਪਾ ਲਈ ਲਾਭਵੰਦ
ਜੰਮੂ:– ਜੰਮੂ-ਕਸ਼ਮੀਰ ਵਿਚਲੀ ਹਿਜਰਤ ਭਾਜਪਾ ਅਤੇ ਆਰ. ਐਸ. ਐਸ. ਲਈ ਬਹੁਤ ਫਾਇਦੇਮੰਦ ਸਾਬਤ ਹੋਵੇਗੀ। ਇਨ੍ਹਾਂ ਦੋਹਾਂ ਸੰਸਥਾਵਾਂ ਵਲੋਂ ਹਿਜਰਤੀਆਂ ਦੀ ਭਲਾਈ ਦੇ ਮਦਦ ਕਰਨ ਨਾਲ ਇਹ ਸਾਰੇ ਹਿਜਰਤੀ ਉਨ੍ਹਾਂ ਦੇ ਪੱਕੇ ਸਮਰਥਕ ਬਣ ਗਏ ਹਨ। ਡੋਡਾ ਜ਼ਿਲ੍ਹੇ ਵਿੱਚ ਹਾਲ ਵਿੱਚ ਖਾੜਕੂ ਸਰਗਰਮੀਆਂ ਕਾਰਨ ਇਸ ਜ਼ਿਲ੍ਹੇ ਦੇ ਕਈ ਪਿੰਡ ਉਜਾੜ ਹੋ ਗਏ ਹਨ। ਇਨ੍ਹਾਂ ਵਿੱਚੋਂ ਬਹੁਤੇ ਹਿਜਰਤੀ ਪਰਿਵਾਰਾਂ ਨੂੰ ਸਿਰਫ਼ ਆਰ. ਐਸ. ਐਸ. ਦੇ ਹਰੀ ਰਾਮ ਨੇ ਆਰਜ਼ੀ ਤੌਰ 'ਤੇ ਪਨਾਹ ਦਿੱਤੀ ਹੋਈ ਹੈ। ਪਿਛਲੇ ਕਈ ਸਾਲ ਦੌਰਾਨ ਡੋਡਾ ਦੇ ਆਲੇ-ਦੁਆਲੇ ਦੇ ਇਲਾਕਿਆਂ ਦੇ ਕੋਈ 700 ਪ੍ਰੀਵਾਰਾਂ ਹੋਰ ਸੁਰੱਖਿਅਤ ਥਾਵਾਂ 'ਤੇ ਹਿਜਰਤ ਕਰ ਗਏ। ਇਨ੍ਹਾਂ 'ਚੋਂ ਵਧੇਰੇ ਹਿਜਰਤੀ ਪ੍ਰੀਵਾਰ ਜੰਮੂ 'ਚ ਆ ਕੇ ਵਸੇ ਹਨ। ਭਾਵੇਂ ਜੰਮੂ ਹੋ ਜਾ ਉਪਮਪੁਰ ਇਨ੍ਹਾਂ ਦੋਹਾਂ ਥਾਵਾਂ 'ਤੇ ਭਾਜਪਾ ਅਤੇ ਆਰ. ਐਸ. ਐਸ. ਵਲੋਂ ਖੁੱਲ੍ਹੇ ਦਿਲ 1990 ਵਿੱਚ ਜਦ ਕਸ਼ਮੀਰ ਵਾਦੀ 'ਚੋਂ ਵਿਆਪਕ ਪੱਧਰ 'ਤੇ ਹਿਜਰਤ ਹੋਈ
ਸੀ ਤਾਂ ਰਾਹਤ ਕੈਂਪਾਂ ਦਾ ਪ੍ਰਬੰਧ ਕਰਨ 'ਚ ਇਨ੍ਹਾਂ ਦੋਹਾਂ ਸੰਸਥਾਵਾਂ ਨੇ ਅਹਿਮ ਭੂਮਿਕਾ ਨਿਭਾਈ ਸੀ। ਉਸ ਸੰਕੇ ਅਤੇ ਬਾਅਦ 'ਚ ਵੀ ਕਾਂਗਰਸ ਜਾਂ ਨੈਸ਼ਨਲ ਕਾਨਫਰੰਸ ਨੇ ਇਨ੍ਹਾਂ ਹਿਜਰਤੀਆਂ ਨਾਲ ਹਮਦਰਦੀ ਦੇ ਦੋ ਬੋਲ ਵੀ ਸਾਂਝੇ ਨਹੀਂ ਕੀਤੇ ਜਦੋਂ ਕਿ ਇਸ ਦੇ ਉਲਟ ਭਾਜਪਾ ਅਤੇ ਆਰ. ਐਸ. ਐਸ. ਨੇ ਇਨ੍ਹਾਂ ਹਿਜਰਤੀਆਂ ਨੂੰ ਆਪਣੇ ਗਲੇ ਨਾਲ ਲਾਇਆ। ਵਾਦੀ ਅਤੇ ਡੋਡਾ ਜ਼ਿਲ੍ਹੇ ਤੋਂ ਆਏ ਹਿਜਰਤੀ ਇਸ ਵੇਲੇ ਭਾਜਪਾ ਅਤੇ ਆਰ. ਐਸ. ਐਸ. ਦੇ ਪੱਕੇ ਸਮਰਥਕ ਬਣ ਗਏ ਹਨ। ਸਾਬਕਾ ਐਮ. ਪੀ. ਬਹਾਰਮਲ ਸ਼ਰਮਾ ਸਮੇਤ ਕੁਝ ਕਾਂਗਰਸੀ ਆਗੂਆਂ ਨੇ ਭਾਵੇਂ ਦੋਰ ਨਾਲ ਹੀ ਸਹੀ ਪਰ ਡੋਡਾ ਜ਼ਿਲ੍ਹੇ 'ਚ ਸਥਿਤੀ ਨਾਲ ਸਹੀ ਢੰਗ ਨਾਲ ਨਿਪਟਣ ਲਈ ਰਾਜ ਪ੍ਰਸ਼ਾਸਨ ਨੂੰ ਦੋਸ਼ੀ ਠਹਿਰਾਇਆ। ਸਰਕਾਰ ਵਲੋਂ ਸਥਿਤੀ ਨਾਲ ਸਹੀ ਢੰਗ ਨਾਲ ਨਾ ਨਿਪਟਣ ਕਰਨ ਦੀ ਲੋਕਾਂ ਨੂੰ ਉਥੋਂ ਉਪਮਪੁਰ ਤੇ ਜੰਮੂ ਹਿਜਰਤ ਕਰਨਾ ਪਿਆ। ਸ਼ਰਮਾ ਨੇ ਮੁੱਖ ਸਕੱਤਰ ਸ਼ੇਖ ਗੁਲਾਮ ਰਸੂਲ
ਨਾਲ ਮੁਲਾਕਾਤ ਕਰਕੇ ਉਨ੍ਹਾਂ ਨੂੰ ਦੱਸਿਆ ਕਿ ਜੇਕਰ ਡੋਡਾ ਜ਼ਿਲ੍ਹੇ 'ਚੋਂ ਇਸ ਦੇ ਬਹੁਤ ਗੰਭੀਰ ਨਤੀਜੇ ਨਿਕਲਣਗੇ। ਪਿਛਲੇ ਛੇ ਮਹੀਨਿਆਂ ਦੌਰਾਨ ਇਥੇ 12 ਪ੍ਰਸਿੱਧ ਮੁਲਜਾਮਾਂ ਸਮੇਤ 25 ਵਿਅਕਤੀ ਮਾਰੇ ਜਾ ਚੁੱਕੇ ਹਨ। ਇਸ ਤੋਂ ਇਲਾਵਾ ਕਈ ਸਰਕਾਰੀ ਸਕੂਲਾਂ ਦੀਆਂ ਇਮਾਰਤਾਂ ਸਾੜੀਆਂ ਜਾ ਚੁੱਕੀਆਂ ਹਨ ਅਤੇ ਕਈ ਬੈਂਕ ਲੁੱਟੇ ਜਾ ਚੁੱਕੇ ਹਨ। ਇਨ੍ਹਾਂ ਸਾਰੀਆਂ ਘਟਨਾਵਾਂ ਕਾਰਨ ਲੋਕਾਂ 'ਚ ਖ਼ੌਫ਼ ਪੈਦਾ ਹੋਇਆ ਹੈ। ਭਾਜਪਾ ਵਲੋਂ ਸੱਦਾ ਕੀਤੀ ਜਾ ਰਹੀ ਹੈ ਕਿ ਡੋਡਾ ਜ਼ਿਲ੍ਹੇ 'ਚ ਖਾੜਕੂ ਹਿੰਸਾ ਨੂੰ ਰੋਕਣ ਲਈ ਫੌਜ ਭੇਜ ਕੇ ਕਦਮ ਚੁੱਕੇ ਜਾਣ। ਜੇਕਰ ਇਸ ਵੇਲੇ ਸਥਿਤੀ 'ਤੇ ਕਾਬੂ ਨਾ ਪਾਇਆ ਗਿਆ ਤਾਂ ਇਹ ਸਥਿਤੀ ਸਾਰੇ ਜੰਮੂ ਖੇਤਰ 'ਚ ਫੈਲ ਜਾਏਗੀ। ਸਰਕਾਰੀ ਸੂਤਰਾਂ ਅਨੁਸਾਰ ਮੁਸ਼ਕਿਆਂ ਵਲ ਡੋਡਾ-ਕਿਸ਼ਤਵਾੜ ਨੂੰ ਕਸ਼ਮੀਰ ਦੇ ਦੱਖਣੀ ਹਿੱਸੇ ਨਾਲ ਜੋੜਨ ਵਾਲੇ ਰੂਟਾਂ ਨੂੰ ਸੀਲ ਕਰਨ 'ਚ ਬਹੁਤੀ ਸਫ਼ਲਤਾ ਪ੍ਰਾਪਤ ਨਹੀਂ ਕਰ ਸਕੀ ਜਿਸ ਦੇ ਸਿੱਟੇ ਵਜੋਂ ਖਾੜਕੂ ਬੜੇ ਆਰਾਮ ਨਾਲ
ਨਾ ਕੇਵਲ ਡੋਡਾ ਜ਼ਿਲ੍ਹਾ 'ਚ ਪਨਾਹ ਪ੍ਰਾਪਤ ਕਰਦੇ ਹਨ ਸਗੋਂ ਉਹ ਇਥੇ ਸੁਰੱਖਿਆ ਬਲਾਂ ਅਤੇ ਸਰਕਾਰੀ ਏਜੰਸੀਆਂ 'ਤੇ ਵੀ ਹਮਲੇ ਕਰਦੇ ਹਨ। ਹਾਲਾਂਕਿ ਕਈ ਕਿਸ਼ਤਵਾੜ ਅਤੇ ਅਨੰਤਨਾਗ ਸੈਂਧੀਆਂ ਕੋਕਰਨਾਗ ਘਾਟੀਆਂ ਵਿਚਾਲੇ ਖਾੜਕੂਆਂ ਦੀਆਂ ਸਰਗਰਮੀਆਂ 'ਤੇ ਪੂਰੀ ਨਜ਼ਰ ਰੱਖੀ ਜਾ ਰਹੀ ਹੈ।
ਸਿਬੀਆਂ ਲਈ ਜੇਲ੍ਹ 'ਚ ਸਭ ਸਹੂਲਤਾਂ ਮੁਹਈਆਂ
ਪਟਿਆਲਾ:– ਭਰੋਸੇਯੋਗ ਸੂਤਰਾਂ ਤੋਂ ਪਤਾ ਲੱਗਾ ਹੈ ਕਿ ਗੁਰਦੀਪ ਸਿੰਘ ਸਿਬੀਆ ਜਿਸ ਨੂੰ ਕੁਝ ਸਮੇਂ ਪਹਿਲਾਂ ਮੁੱਖ ਮੰਤਰੀ ਬੇਅੰਤ ਸਿੰਘ ਸਾਹਮਣੇ ਸਰਕਾਰੀ ਸਮਾਗਮ 'ਚ ਹਾਜ਼ਰ ਸਮਝਾਉਣ ਕੀਤਾ ਸੀ, ਅਜਕਲ ਨਾਭਾ ਜੇਲ੍ਹ 'ਚ ਬੰਦ ਹੈ ਜਿਸਨੂੰ ਜਿਆਦੀ ਰੋਟੀਆਂ ਨੂੰ ਮਹਈਆਂ ਸਹੂਲਤਾਂ ਤੋਂ ਵੀ ਵੱਧ ਆਰਾਮਦਾਇਕ ਸਥਾਨ ਦਿੱਤਾ ਗਿਆ ਹੈ। ਪ੍ਰਾਪਤ ਸੂਚਨਾ ਅਨੁਸਾਰ ਗੁਰਦੀਪ ਸਿੰਘ ਸਿਬੀਆਂ ਨੂੰ ਉਸ ਕਾਲੇ 'ਚ ਰਖਿਆ ਜਾ
ਰਿਹਾ ਹੈ ਜੋ ਕਿ ਜੇਲ 'ਚ ਇਕ ਸਿਆਸੀ ਆਗੂ (ਮੈਂਬਰ ਪਾਰਲੀਮੈਂਟ) ਨੂੰ ਦਿੱਤਾ ਜਾਂਦਾ ਹੈ। ਉਸ ਦੇ ਆਰਾਮ ਤੇ ਮਨੋਰੰਜਨ ਲਈ ਰੰਗਦਾਰ ਟੈਲੀਵਿਜ਼ਨ ਤੇ ਅੰਤਰਰਾਸ਼ਟਰੀ ਸੀ. ਐਲ. ਜਿਹੇ ਸਟੇਸ਼ਨਾਂ ਦੀਆਂ ਸਹੂਲਤਾਂ ਪ੍ਰਦਾਨ ਕੀਤੀਆਂ ਗਈਆਂ ਹਨ ਤਾਂ ਕਿ ਅੰਤਰਰਾਸ਼ਟਰੀ ਪੱਧਰ 'ਤੇ ਕੀ ਕੁਝ ਹੋ ਰਿਹਾ ਹੈ, ਸਿਬੀਆਂ 'ਸਾਹਿਬ' ਨੂੰ ਉਸਦੀ ਜਾਣਕਾਰੀ ਮਿਲਦੀ ਰਹੇ।
